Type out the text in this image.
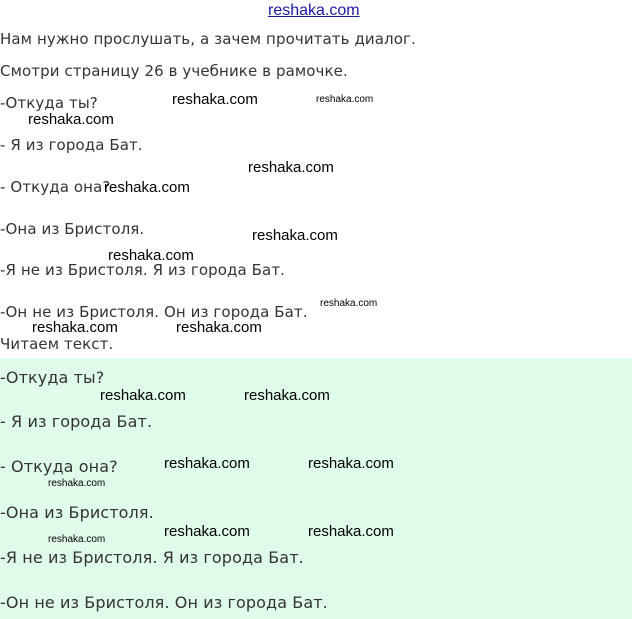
reshaka.com
Нам нужно прослушать, а зачем прочитать диалог.
Смотри страницу 26 в учебнике в рамочке.
-Откуда ты?
- Я из города Бат.
- Откуда она?
-Она из Бристоля.
-Я не из Бристоля. Я из города Бат.
-Он не из Бристоля. Он из города Бат.
Читаем текст.
-Откуда ты?
- Я из города Бат.
- Откуда она?
-Она из Бристоля.
-Я не из Бристоля. Я из города Бат.
-Он не из Бристоля. Он из города Бат.
reshaka.com	reshaka.com
reshaka.com
reshaka.com
reshaka.com
reshaka.com
reshaka.com
reshaka.com
reshaka.com	reshaka.com
reshaka.com	reshaka.com
reshaka.com	reshaka.com
reshaka.com
reshaka.com	reshaka.com
reshaka.com
